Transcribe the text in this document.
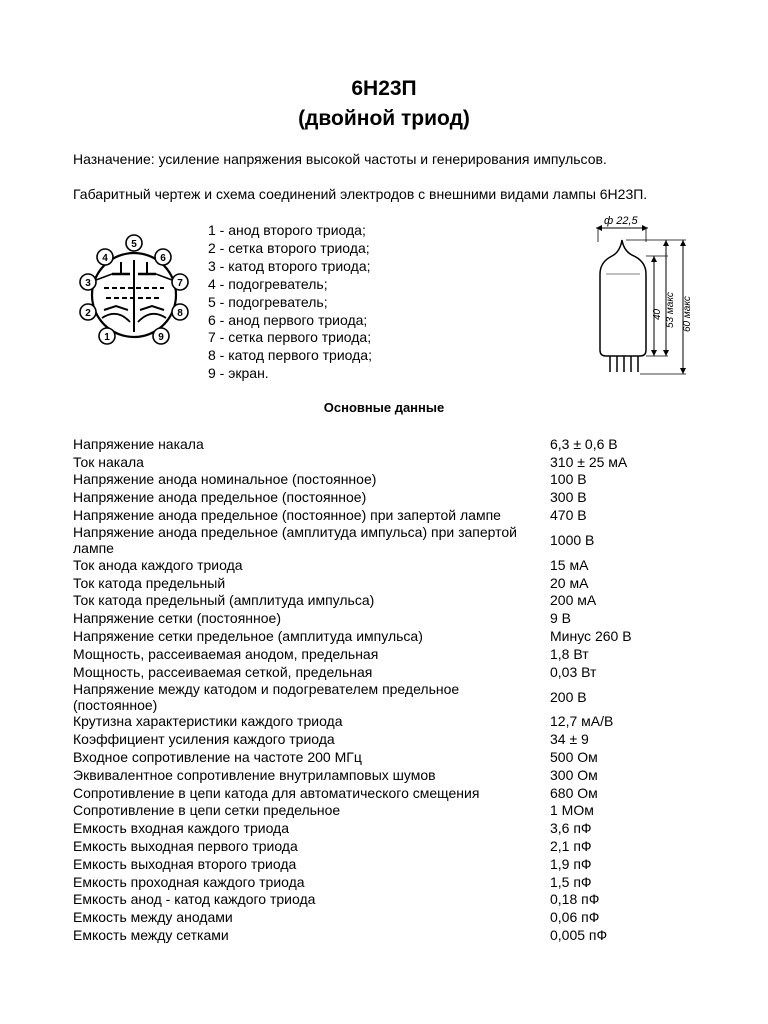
6Н23П
(двойной триод)
Назначение: усиление напряжения высокой частоты и генерирования импульсов.
Габаритный чертеж и схема соединений электродов с внешними видами лампы 6Н23П.
1
2
3
4
5
6
7
8
9
1 - анод второго триода;
2 - сетка второго триода;
3 - катод второго триода;
4 - подогреватель;
5 - подогреватель;
6 - анод первого триода;
7 - сетка первого триода;
8 - катод первого триода;
9 - экран.
ф 22,5
40 53 макс 60 макс
Основные данные
Напряжение накала	6,3 ± 0,6 В
Ток накала	310 ± 25 мА
Напряжение анода номинальное (постоянное)	100 В
Напряжение анода предельное (постоянное)	300 В
Напряжение анода предельное (постоянное) при запертой лампе	470 В
Напряжение анода предельное (амплитуда импульса) при запертой лампе	1000 В
Ток анода каждого триода	15 мА
Ток катода предельный	20 мА
Ток катода предельный (амплитуда импульса)	200 мА
Напряжение сетки (постоянное)	9 В
Напряжение сетки предельное (амплитуда импульса)	Минус 260 В
Мощность, рассеиваемая анодом, предельная	1,8 Вт
Мощность, рассеиваемая сеткой, предельная	0,03 Вт
Напряжение между катодом и подогревателем предельное (постоянное)	200 В
Крутизна характеристики каждого триода	12,7 мА/В
Коэффициент усиления каждого триода	34 ± 9
Входное сопротивление на частоте 200 МГц	500 Ом
Эквивалентное сопротивление внутриламповых шумов	300 Ом
Сопротивление в цепи катода для автоматического смещения	680 Ом
Сопротивление в цепи сетки предельное	1 МОм
Емкость входная каждого триода	3,6 пФ
Емкость выходная первого триода	2,1 пФ
Емкость выходная второго триода	1,9 пФ
Емкость проходная каждого триода	1,5 пФ
Емкость анод - катод каждого триода	0,18 пФ
Емкость между анодами	0,06 пФ
Емкость между сетками	0,005 пФ
